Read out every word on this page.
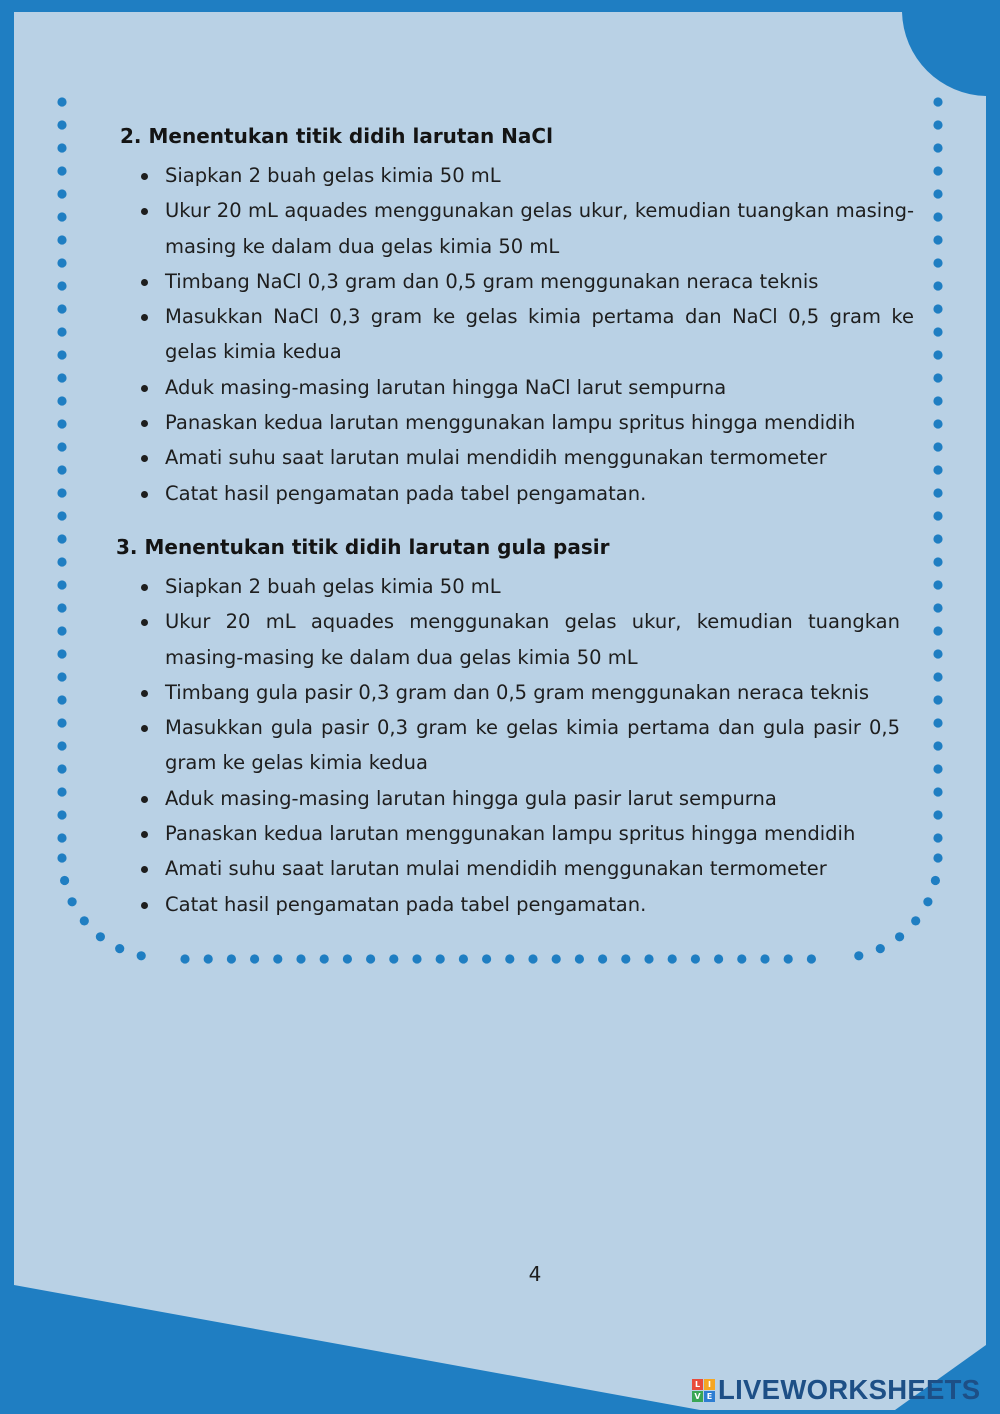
2. Menentukan titik didih larutan NaCl
Siapkan 2 buah gelas kimia 50 mL
Ukur 20 mL aquades menggunakan gelas ukur, kemudian tuangkan masing-masing ke dalam dua gelas kimia 50 mL
Timbang NaCl 0,3 gram dan 0,5 gram menggunakan neraca teknis
Masukkan NaCl 0,3 gram ke gelas kimia pertama dan NaCl 0,5 gram ke gelas kimia kedua
Aduk masing-masing larutan hingga NaCl larut sempurna
Panaskan kedua larutan menggunakan lampu spritus hingga mendidih
Amati suhu saat larutan mulai mendidih menggunakan termometer
Catat hasil pengamatan pada tabel pengamatan.
3. Menentukan titik didih larutan gula pasir
Siapkan 2 buah gelas kimia 50 mL
Ukur 20 mL aquades menggunakan gelas ukur, kemudian tuangkan masing-masing ke dalam dua gelas kimia 50 mL
Timbang gula pasir 0,3 gram dan 0,5 gram menggunakan neraca teknis
Masukkan gula pasir 0,3 gram ke gelas kimia pertama dan gula pasir 0,5 gram ke gelas kimia kedua
Aduk masing-masing larutan hingga gula pasir larut sempurna
Panaskan kedua larutan menggunakan lampu spritus hingga mendidih
Amati suhu saat larutan mulai mendidih menggunakan termometer
Catat hasil pengamatan pada tabel pengamatan.
4
L I
V E LIVEWORKSHEETS
